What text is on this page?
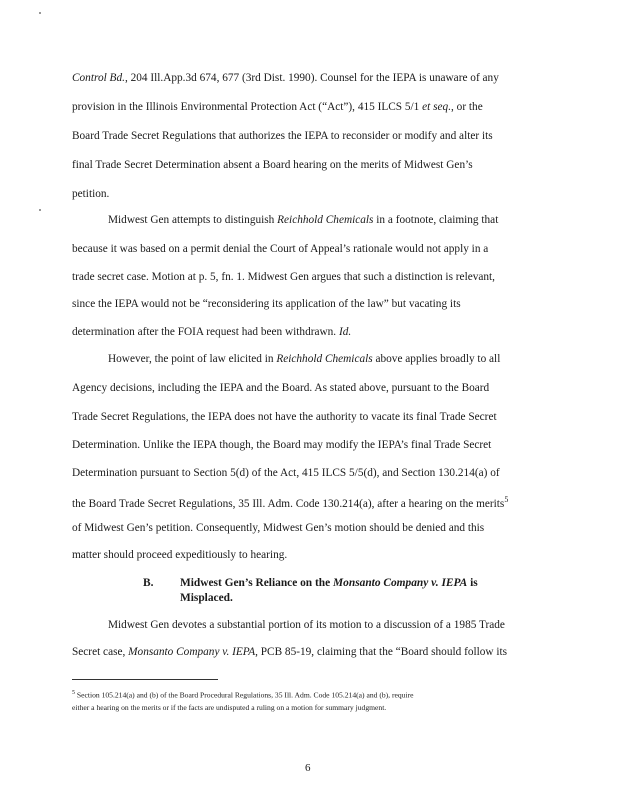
Control Bd., 204 Ill.App.3d 674, 677 (3rd Dist. 1990). Counsel for the IEPA is unaware of any
provision in the Illinois Environmental Protection Act (“Act”), 415 ILCS 5/1 et seq., or the
Board Trade Secret Regulations that authorizes the IEPA to reconsider or modify and alter its
final Trade Secret Determination absent a Board hearing on the merits of Midwest Gen’s
petition.
Midwest Gen attempts to distinguish Reichhold Chemicals in a footnote, claiming that
because it was based on a permit denial the Court of Appeal’s rationale would not apply in a
trade secret case. Motion at p. 5, fn. 1. Midwest Gen argues that such a distinction is relevant,
since the IEPA would not be “reconsidering its application of the law” but vacating its
determination after the FOIA request had been withdrawn. Id.
However, the point of law elicited in Reichhold Chemicals above applies broadly to all
Agency decisions, including the IEPA and the Board. As stated above, pursuant to the Board
Trade Secret Regulations, the IEPA does not have the authority to vacate its final Trade Secret
Determination. Unlike the IEPA though, the Board may modify the IEPA’s final Trade Secret
Determination pursuant to Section 5(d) of the Act, 415 ILCS 5/5(d), and Section 130.214(a) of
the Board Trade Secret Regulations, 35 Ill. Adm. Code 130.214(a), after a hearing on the merits$^5$
of Midwest Gen’s petition. Consequently, Midwest Gen’s motion should be denied and this
matter should proceed expeditiously to hearing.
B. Midwest Gen’s Reliance on the Monsanto Company v. IEPA is
Misplaced.
Midwest Gen devotes a substantial portion of its motion to a discussion of a 1985 Trade
Secret case, Monsanto Company v. IEPA, PCB 85-19, claiming that the “Board should follow its
$^5$ Section 105.214(a) and (b) of the Board Procedural Regulations, 35 Ill. Adm. Code 105.214(a) and (b), require
either a hearing on the merits or if the facts are undisputed a ruling on a motion for summary judgment.
6
